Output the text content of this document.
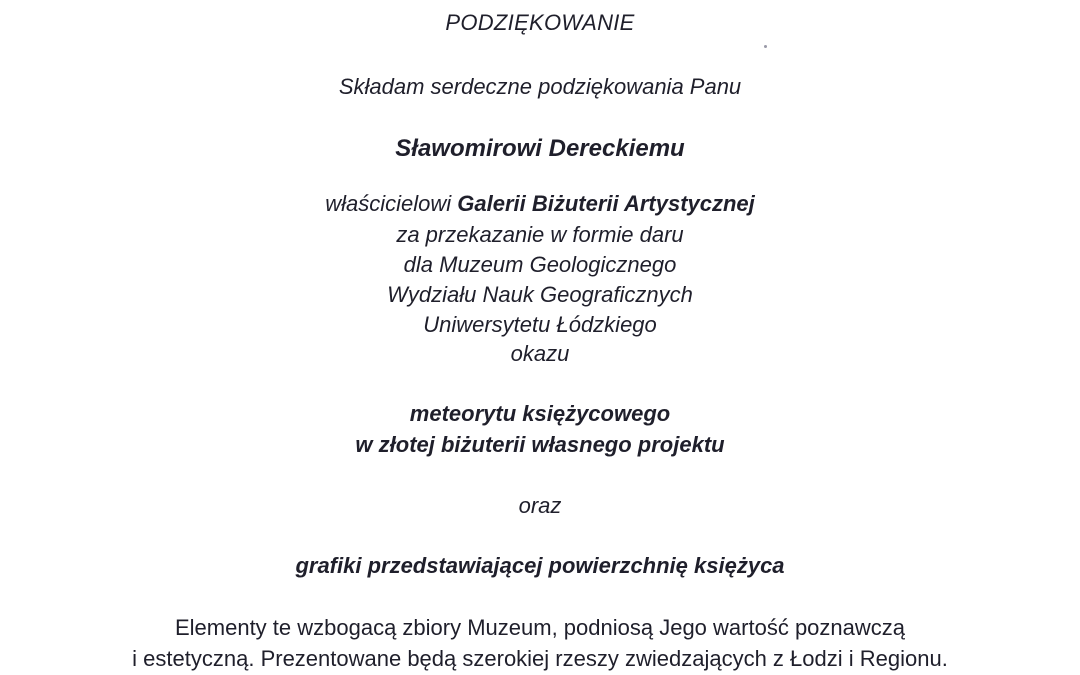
PODZIĘKOWANIE
Składam serdeczne podziękowania Panu
Sławomirowi Dereckiemu
właścicielowi Galerii Biżuterii Artystycznej
za przekazanie w formie daru
dla Muzeum Geologicznego
Wydziału Nauk Geograficznych
Uniwersytetu Łódzkiego
okazu
meteorytu księżycowego
w złotej biżuterii własnego projektu
oraz
grafiki przedstawiającej powierzchnię księżyca
Elementy te wzbogacą zbiory Muzeum, podniosą Jego wartość poznawczą
i estetyczną. Prezentowane będą szerokiej rzeszy zwiedzających z Łodzi i Regionu.
